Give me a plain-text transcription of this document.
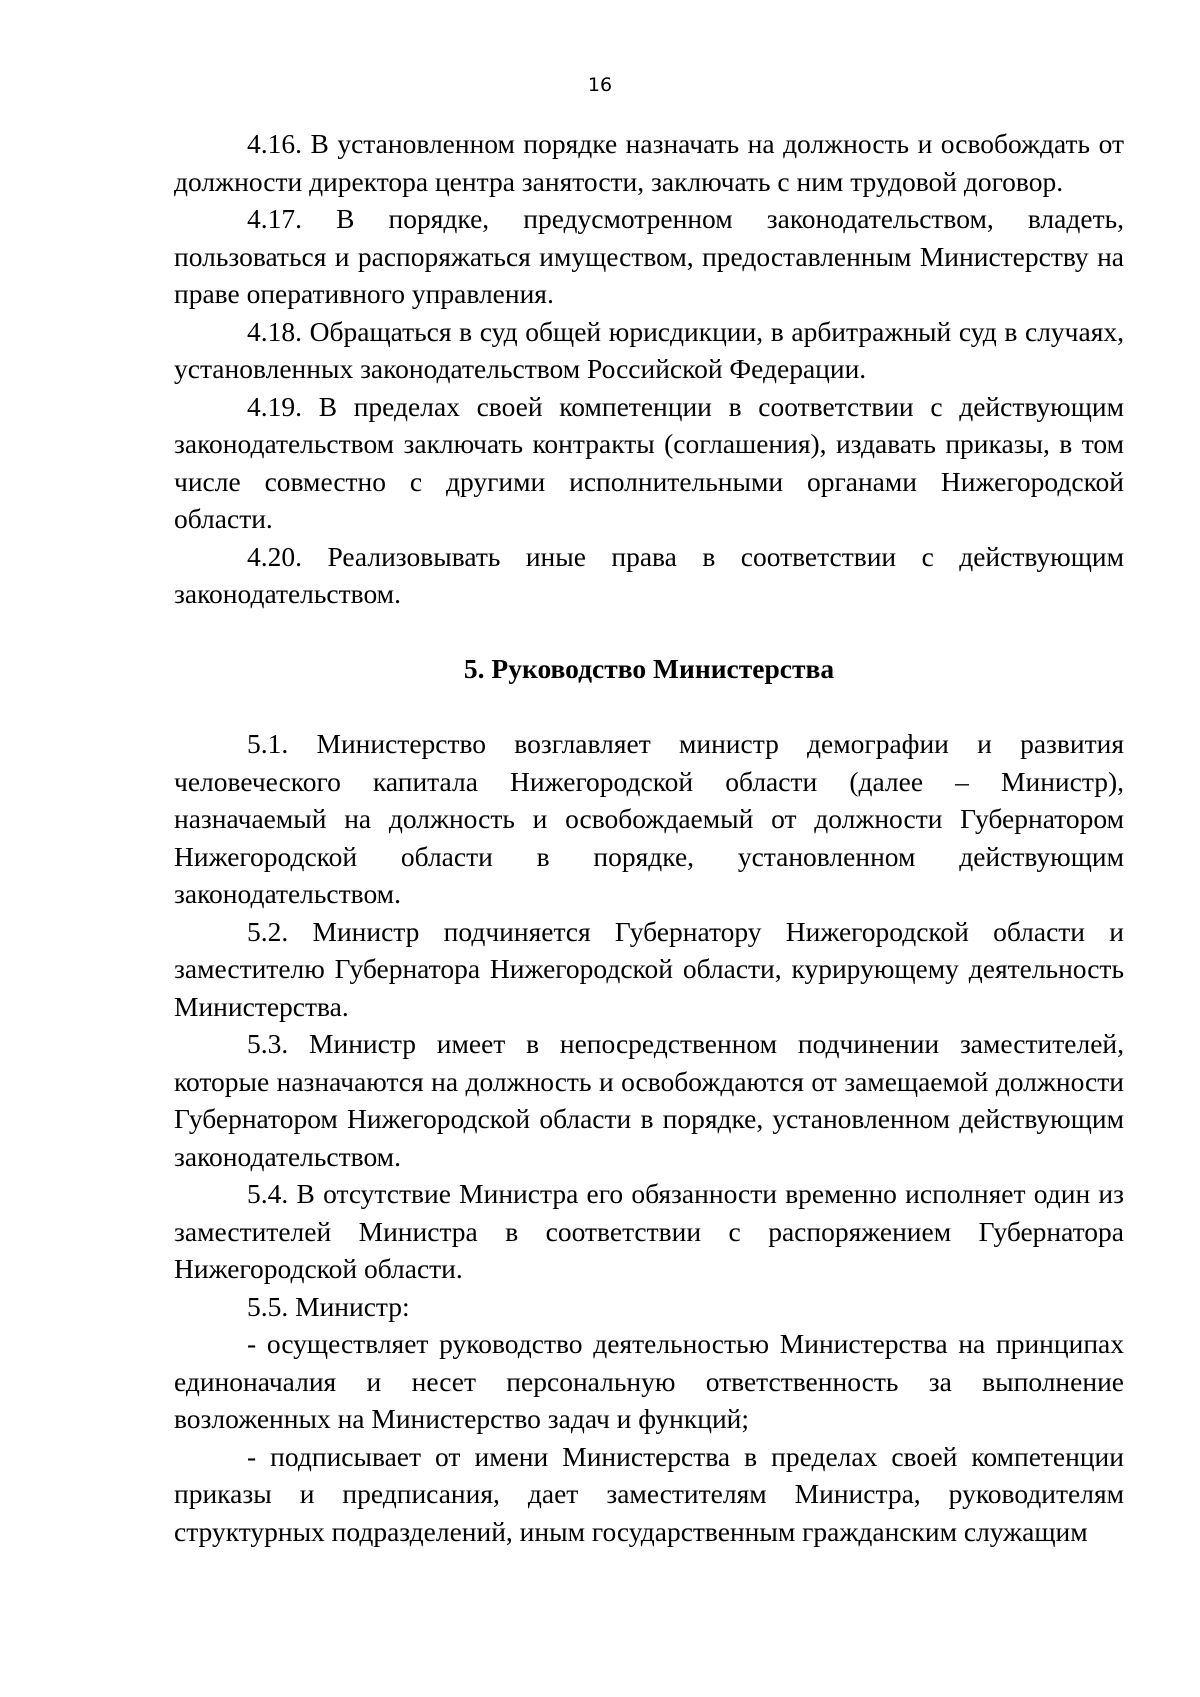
16

4.16. В установленном порядке назначать на должность и освобождать от должности директора центра занятости, заключать с ним трудовой договор.

4.17. В порядке, предусмотренном законодательством, владеть, пользоваться и распоряжаться имуществом, предоставленным Министерству на праве оперативного управления.

4.18. Обращаться в суд общей юрисдикции, в арбитражный суд в случаях, установленных законодательством Российской Федерации.

4.19. В пределах своей компетенции в соответствии с действующим законодательством заключать контракты (соглашения), издавать приказы, в том числе совместно с другими исполнительными органами Нижегородской области.

4.20. Реализовывать иные права в соответствии с действующим законодательством.

5. Руководство Министерства

5.1. Министерство возглавляет министр демографии и развития человеческого капитала Нижегородской области (далее – Министр), назначаемый на должность и освобождаемый от должности Губернатором Нижегородской области в порядке, установленном действующим законодательством.

5.2. Министр подчиняется Губернатору Нижегородской области и заместителю Губернатора Нижегородской области, курирующему деятельность Министерства.

5.3. Министр имеет в непосредственном подчинении заместителей, которые назначаются на должность и освобождаются от замещаемой должности Губернатором Нижегородской области в порядке, установленном действующим законодательством.

5.4. В отсутствие Министра его обязанности временно исполняет один из заместителей Министра в соответствии с распоряжением Губернатора Нижегородской области.

5.5. Министр:

- осуществляет руководство деятельностью Министерства на принципах единоначалия и несет персональную ответственность за выполнение возложенных на Министерство задач и функций;

- подписывает от имени Министерства в пределах своей компетенции приказы и предписания, дает заместителям Министра, руководителям структурных подразделений, иным государственным гражданским служащим
